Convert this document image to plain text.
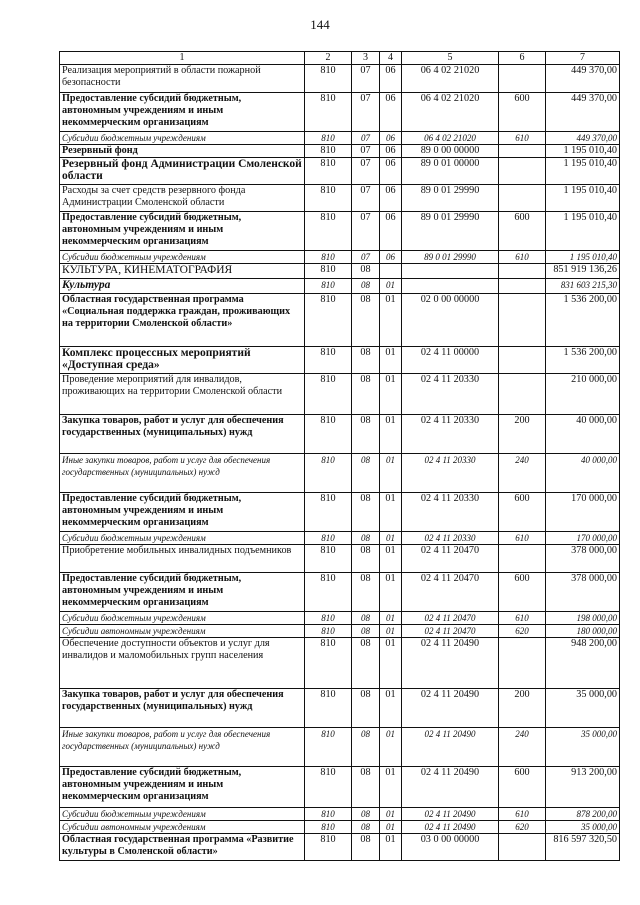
144
1	2	3	4	5	6	7
Реализация мероприятий в области пожарной безопасности	810	07	06	06 4 02 21020		449 370,00
Предоставление субсидий бюджетным, автономным учреждениям и иным некоммерческим организациям	810	07	06	06 4 02 21020	600	449 370,00
Субсидии бюджетным учреждениям	810	07	06	06 4 02 21020	610	449 370,00
Резервный фонд	810	07	06	89 0 00 00000		1 195 010,40
Резервный фонд Администрации Смоленской области	810	07	06	89 0 01 00000		1 195 010,40
Расходы за счет средств резервного фонда Администрации Смоленской области	810	07	06	89 0 01 29990		1 195 010,40
Предоставление субсидий бюджетным, автономным учреждениям и иным некоммерческим организациям	810	07	06	89 0 01 29990	600	1 195 010,40
Субсидии бюджетным учреждениям	810	07	06	89 0 01 29990	610	1 195 010,40
КУЛЬТУРА, КИНЕМАТОГРАФИЯ	810	08				851 919 136,26
Культура	810	08	01			831 603 215,30
Областная государственная программа «Социальная поддержка граждан, проживающих на территории Смоленской области»	810	08	01	02 0 00 00000		1 536 200,00
Комплекс процессных мероприятий «Доступная среда»	810	08	01	02 4 11 00000		1 536 200,00
Проведение мероприятий для инвалидов, проживающих на территории Смоленской области	810	08	01	02 4 11 20330		210 000,00
Закупка товаров, работ и услуг для обеспечения государственных (муниципальных) нужд	810	08	01	02 4 11 20330	200	40 000,00
Иные закупки товаров, работ и услуг для обеспечения государственных (муниципальных) нужд	810	08	01	02 4 11 20330	240	40 000,00
Предоставление субсидий бюджетным, автономным учреждениям и иным некоммерческим организациям	810	08	01	02 4 11 20330	600	170 000,00
Субсидии бюджетным учреждениям	810	08	01	02 4 11 20330	610	170 000,00
Приобретение мобильных инвалидных подъемников	810	08	01	02 4 11 20470		378 000,00
Предоставление субсидий бюджетным, автономным учреждениям и иным некоммерческим организациям	810	08	01	02 4 11 20470	600	378 000,00
Субсидии бюджетным учреждениям	810	08	01	02 4 11 20470	610	198 000,00
Субсидии автономным учреждениям	810	08	01	02 4 11 20470	620	180 000,00
Обеспечение доступности объектов и услуг для инвалидов и маломобильных групп населения	810	08	01	02 4 11 20490		948 200,00
Закупка товаров, работ и услуг для обеспечения государственных (муниципальных) нужд	810	08	01	02 4 11 20490	200	35 000,00
Иные закупки товаров, работ и услуг для обеспечения государственных (муниципальных) нужд	810	08	01	02 4 11 20490	240	35 000,00
Предоставление субсидий бюджетным, автономным учреждениям и иным некоммерческим организациям	810	08	01	02 4 11 20490	600	913 200,00
Субсидии бюджетным учреждениям	810	08	01	02 4 11 20490	610	878 200,00
Субсидии автономным учреждениям	810	08	01	02 4 11 20490	620	35 000,00
Областная государственная программа «Развитие культуры в Смоленской области»	810	08	01	03 0 00 00000		816 597 320,50
